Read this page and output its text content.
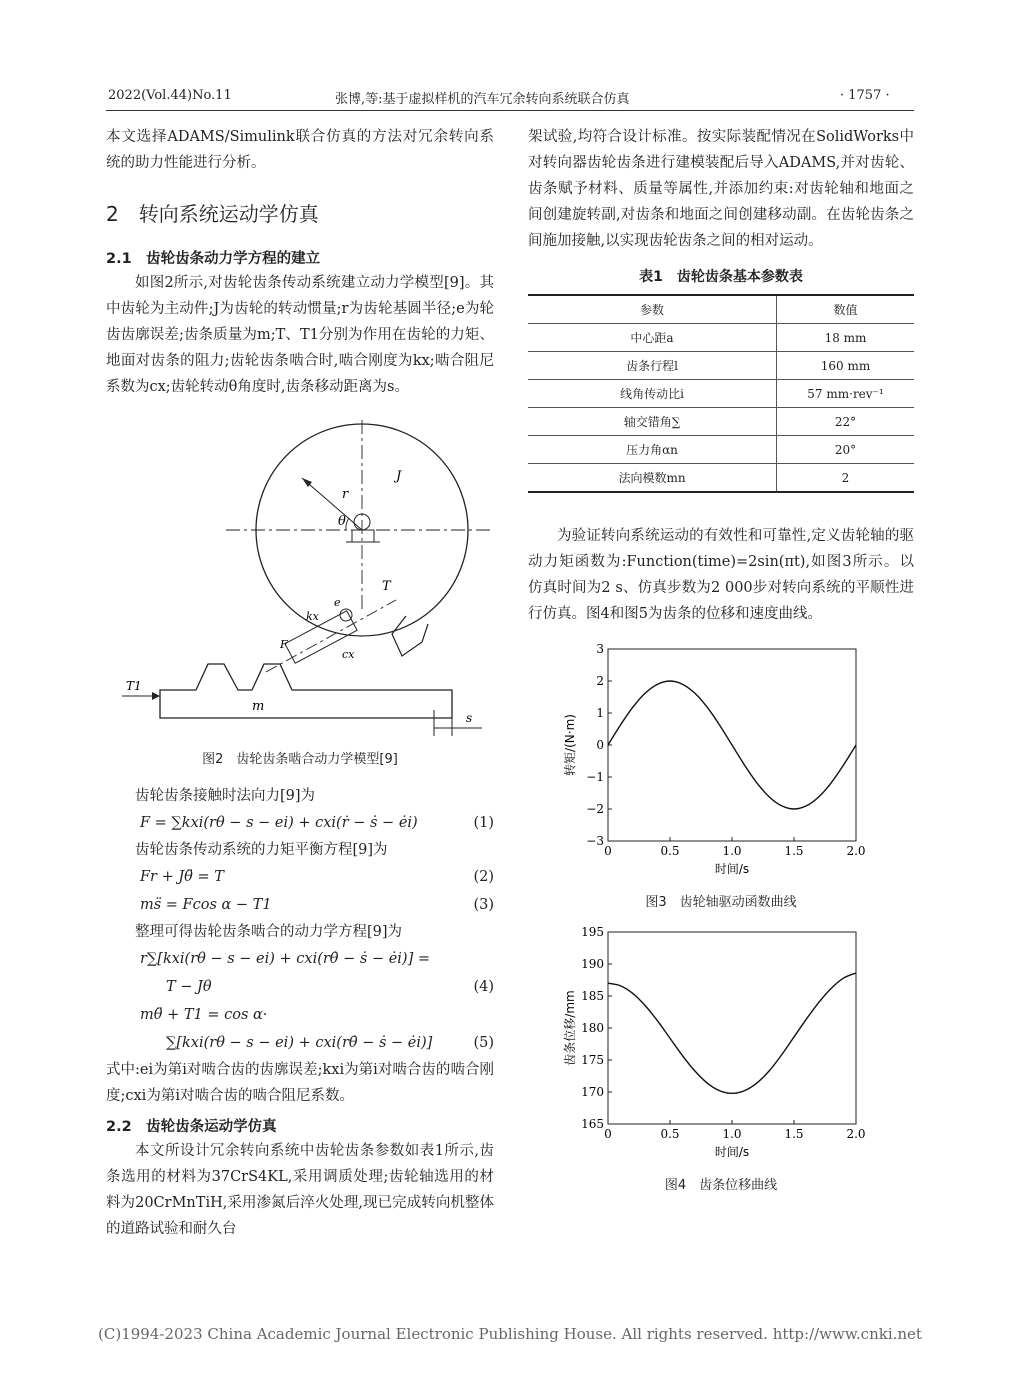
2022(Vol.44)No.11	张博,等:基于虚拟样机的汽车冗余转向系统联合仿真	· 1757 ·

本文选择ADAMS/Simulink联合仿真的方法对冗余转向系统的助力性能进行分析。

2　转向系统运动学仿真
2.1　齿轮齿条动力学方程的建立

如图2所示,对齿轮齿条传动系统建立动力学模型[9]。其中齿轮为主动件;J为齿轮的转动惯量;r为齿轮基圆半径;e为轮齿齿廓误差;齿条质量为m;T、T1分别为作用在齿轮的力矩、地面对齿条的阻力;齿轮齿条啮合时,啮合刚度为kx;啮合阻尼系数为cx;齿轮转动θ角度时,齿条移动距离为s。

J
r
θ
T
e
kx
F
cx
m
T1
s
图2　齿轮齿条啮合动力学模型[9]
齿轮齿条接触时法向力[9]为
F = ∑kxi(rθ − s − ei) + cxi(ṙ − ṡ − ėi)	(1)
齿轮齿条传动系统的力矩平衡方程[9]为
Fr + Jθ̈ = T	(2)
ms̈ = Fcos α − T1	(3)
整理可得齿轮齿条啮合的动力学方程[9]为
r∑[kxi(rθ − s − ei) + cxi(rθ̇ − ṡ − ėi)] =
T − Jθ	(4)
mθ̈ + T1 = cos α·
∑[kxi(rθ − s − ei) + cxi(rθ̇ − ṡ − ėi)]	(5)

式中:ei为第i对啮合齿的齿廓误差;kxi为第i对啮合齿的啮合刚度;cxi为第i对啮合齿的啮合阻尼系数。

2.2　齿轮齿条运动学仿真

本文所设计冗余转向系统中齿轮齿条参数如表1所示,齿条选用的材料为37CrS4KL,采用调质处理;齿轮轴选用的材料为20CrMnTiH,采用渗氮后淬火处理,现已完成转向机整体的道路试验和耐久台

架试验,均符合设计标准。按实际装配情况在SolidWorks中对转向器齿轮齿条进行建模装配后导入ADAMS,并对齿轮、齿条赋予材料、质量等属性,并添加约束:对齿轮轴和地面之间创建旋转副,对齿条和地面之间创建移动副。在齿轮齿条之间施加接触,以实现齿轮齿条之间的相对运动。

表1　齿轮齿条基本参数表
参数	数值
中心距a	18 mm
齿条行程l	160 mm
线角传动比i	57 mm·rev⁻¹
轴交错角∑	22°
压力角αn	20°
法向模数mn	2

为验证转向系统运动的有效性和可靠性,定义齿轮轴的驱动力矩函数为:Function(time)=2sin(πt),如图3所示。以仿真时间为2 s、仿真步数为2 000步对转向系统的平顺性进行仿真。图4和图5为齿条的位移和速度曲线。

0	0.5	1.0	1.5	2.0
3
2
1
0
−1
−2
−3
时间/s
转矩/(N·m)
图3　齿轮轴驱动函数曲线
0	0.5	1.0	1.5	2.0
195
190
185
180
175
170
165
时间/s
齿条位移/mm
图4　齿条位移曲线
(C)1994-2023 China Academic Journal Electronic Publishing House. All rights reserved. http://www.cnki.net
